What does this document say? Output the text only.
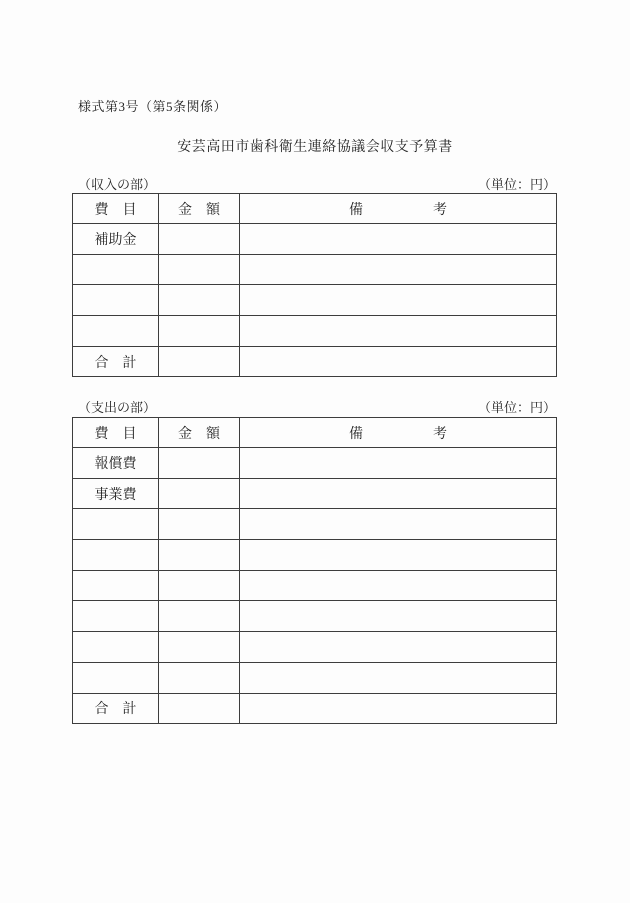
様式第3号（第5条関係）
安芸高田市歯科衛生連絡協議会収支予算書
（収入の部）	（単位：円）
費　目	金　額	備　　　　　考
補助金		

合　計		
（支出の部）	（単位：円）
費　目	金　額	備　　　　　考
報償費		
事業費		

合　計		
